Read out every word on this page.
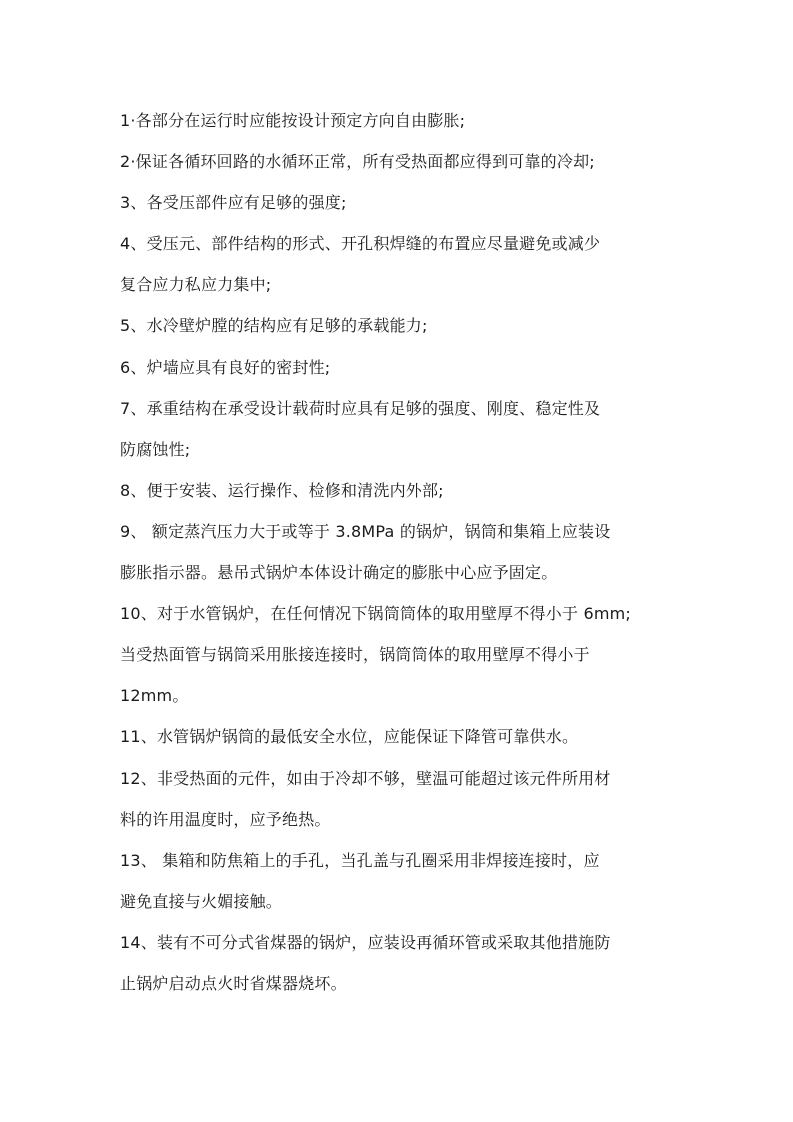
1·各部分在运行时应能按设计预定方向自由膨胀;
2·保证各循环回路的水循环正常，所有受热面都应得到可靠的冷却;
3、各受压部件应有足够的强度;
4、受压元、部件结构的形式、开孔积焊缝的布置应尽量避免或减少
复合应力私应力集中;
5、水冷壁炉膛的结构应有足够的承载能力;
6、炉墙应具有良好的密封性;
7、承重结构在承受设计载荷时应具有足够的强度、刚度、稳定性及
防腐蚀性;
8、便于安装、运行操作、检修和清洗内外部;
9、 额定蒸汽压力大于或等于 3.8MPa 的锅炉，锅筒和集箱上应装设
膨胀指示器。悬吊式锅炉本体设计确定的膨胀中心应予固定。
10、对于水管锅炉，在任何情况下锅筒筒体的取用壁厚不得小于 6mm;
当受热面管与锅筒采用胀接连接时，锅筒筒体的取用壁厚不得小于
12mm。
11、水管锅炉锅筒的最低安全水位，应能保证下降管可靠供水。
12、非受热面的元件，如由于冷却不够，壁温可能超过该元件所用材
料的许用温度时，应予绝热。
13、 集箱和防焦箱上的手孔，当孔盖与孔圈采用非焊接连接时，应
避免直接与火媚接触。
14、装有不可分式省煤器的锅炉，应装设再循环管或采取其他措施防
止锅炉启动点火时省煤器烧坏。
